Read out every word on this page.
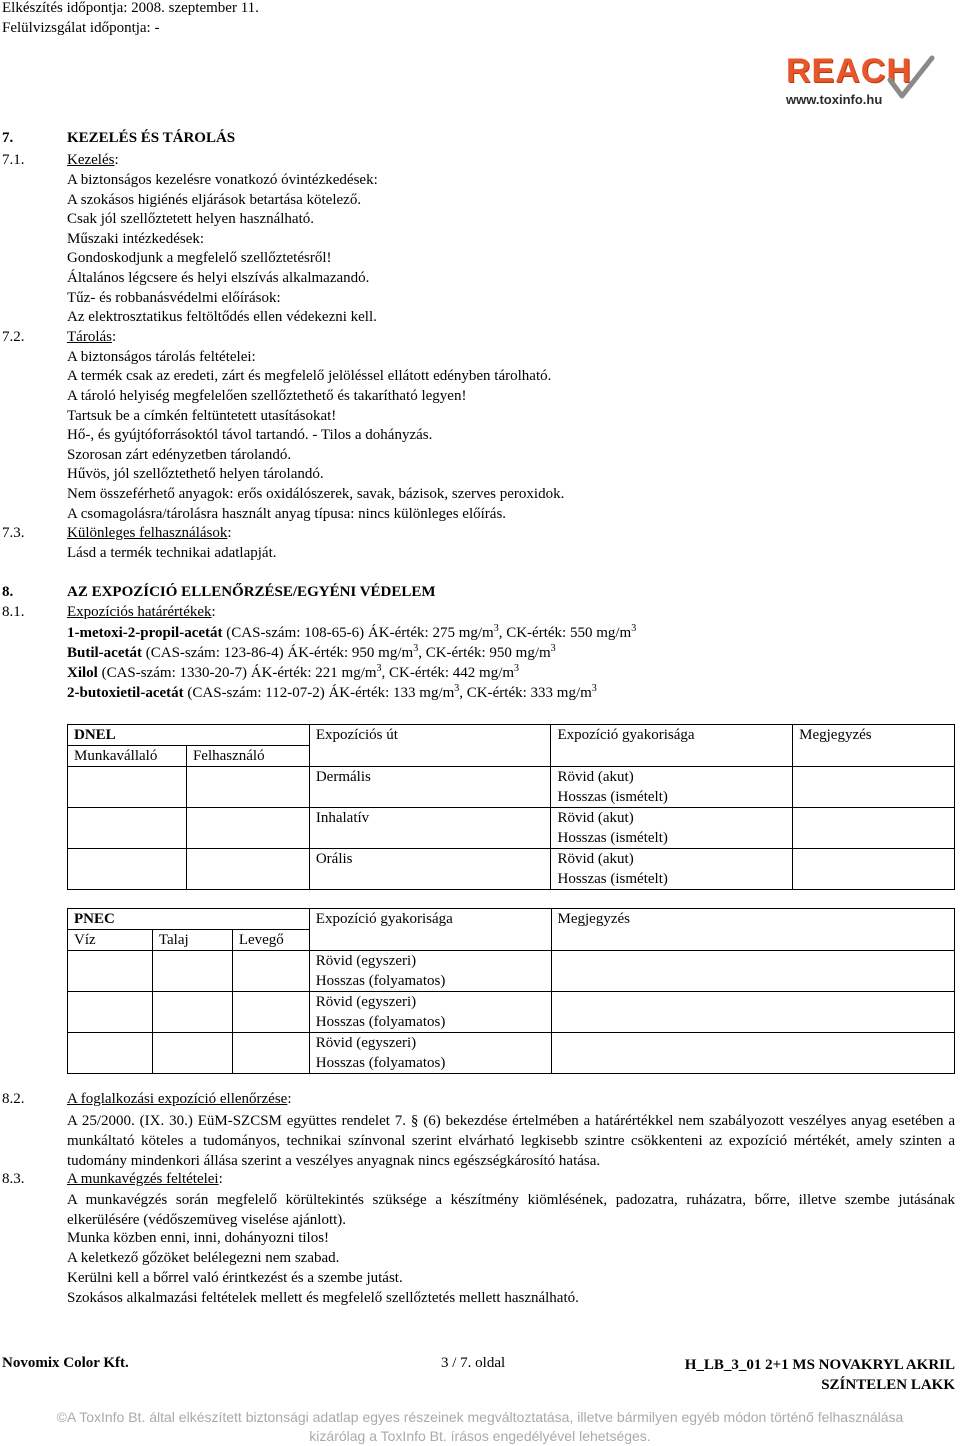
Elkészítés időpontja: 2008. szeptember 11.
Felülvizsgálat időpontja: -
REACH
www.toxinfo.hu
7.	KEZELÉS ÉS TÁROLÁS
7.1.	Kezelés:
A biztonságos kezelésre vonatkozó óvintézkedések:
A szokásos higiénés eljárások betartása kötelező.
Csak jól szellőztetett helyen használható.
Műszaki intézkedések:
Gondoskodjunk a megfelelő szellőztetésről!
Általános légcsere és helyi elszívás alkalmazandó.
Tűz- és robbanásvédelmi előírások:
Az elektrosztatikus feltöltődés ellen védekezni kell.
7.2.	Tárolás:
A biztonságos tárolás feltételei:
A termék csak az eredeti, zárt és megfelelő jelöléssel ellátott edényben tárolható.
A tároló helyiség megfelelően szellőztethető és takarítható legyen!
Tartsuk be a címkén feltüntetett utasításokat!
Hő-, és gyújtóforrásoktól távol tartandó. - Tilos a dohányzás.
Szorosan zárt edényzetben tárolandó.
Hűvös, jól szellőztethető helyen tárolandó.
Nem összeférhető anyagok: erős oxidálószerek, savak, bázisok, szerves peroxidok.
A csomagolásra/tárolásra használt anyag típusa: nincs különleges előírás.
7.3.	Különleges felhasználások:
Lásd a termék technikai adatlapját.
8.	AZ EXPOZÍCIÓ ELLENŐRZÉSE/EGYÉNI VÉDELEM
8.1.	Expozíciós határértékek:
1-metoxi-2-propil-acetát (CAS-szám: 108-65-6) ÁK-érték: 275 $mg/m^3$, CK-érték: 550 $mg/m^3$
Butil-acetát (CAS-szám: 123-86-4) ÁK-érték: 950 $mg/m^3$, CK-érték: 950 $mg/m^3$
Xilol (CAS-szám: 1330-20-7) ÁK-érték: 221 $mg/m^3$, CK-érték: 442 $mg/m^3$
2-butoxietil-acetát (CAS-szám: 112-07-2) ÁK-érték: 133 $mg/m^3$, CK-érték: 333 $mg/m^3$
DNEL		Expozíciós út	Expozíció gyakorisága	Megjegyzés
Munkavállaló	Felhasználó			
		Dermális	Rövid (akut)
Hosszas (ismételt)	

		Inhalatív	Rövid (akut)
Hosszas (ismételt)	

		Orális	Rövid (akut)
Hosszas (ismételt)	

PNEC			Expozíció gyakorisága	Megjegyzés
Víz	Talaj	Levegő		

			Rövid (egyszeri)
Hosszas (folyamatos)	

			Rövid (egyszeri)
Hosszas (folyamatos)	

			Rövid (egyszeri)
Hosszas (folyamatos)	

8.2.	A foglalkozási expozíció ellenőrzése:
A 25/2000. (IX. 30.) EüM-SZCSM együttes rendelet 7. § (6) bekezdése értelmében a határértékkel nem szabályozott veszélyes anyag esetében a munkáltató köteles a tudományos, technikai színvonal szerint elvárható legkisebb szintre csökkenteni az expozíció mértékét, amely szinten a tudomány mindenkori állása szerint a veszélyes anyagnak nincs egészségkárosító hatása.
8.3.	A munkavégzés feltételei:
A munkavégzés során megfelelő körültekintés szüksége a készítmény kiömlésének, padozatra, ruházatra, bőrre, illetve szembe jutásának elkerülésére (védőszemüveg viselése ajánlott).
Munka közben enni, inni, dohányozni tilos!
A keletkező gőzöket belélegezni nem szabad.
Kerülni kell a bőrrel való érintkezést és a szembe jutást.
Szokásos alkalmazási feltételek mellett és megfelelő szellőztetés mellett használható.
Novomix Color Kft.	3 / 7. oldal	H_LB_3_01 2+1 MS NOVAKRYL AKRIL
SZÍNTELEN LAKK
©A ToxInfo Bt. által elkészített biztonsági adatlap egyes részeinek megváltoztatása, illetve bármilyen egyéb módon történő felhasználása
kizárólag a ToxInfo Bt. írásos engedélyével lehetséges.
